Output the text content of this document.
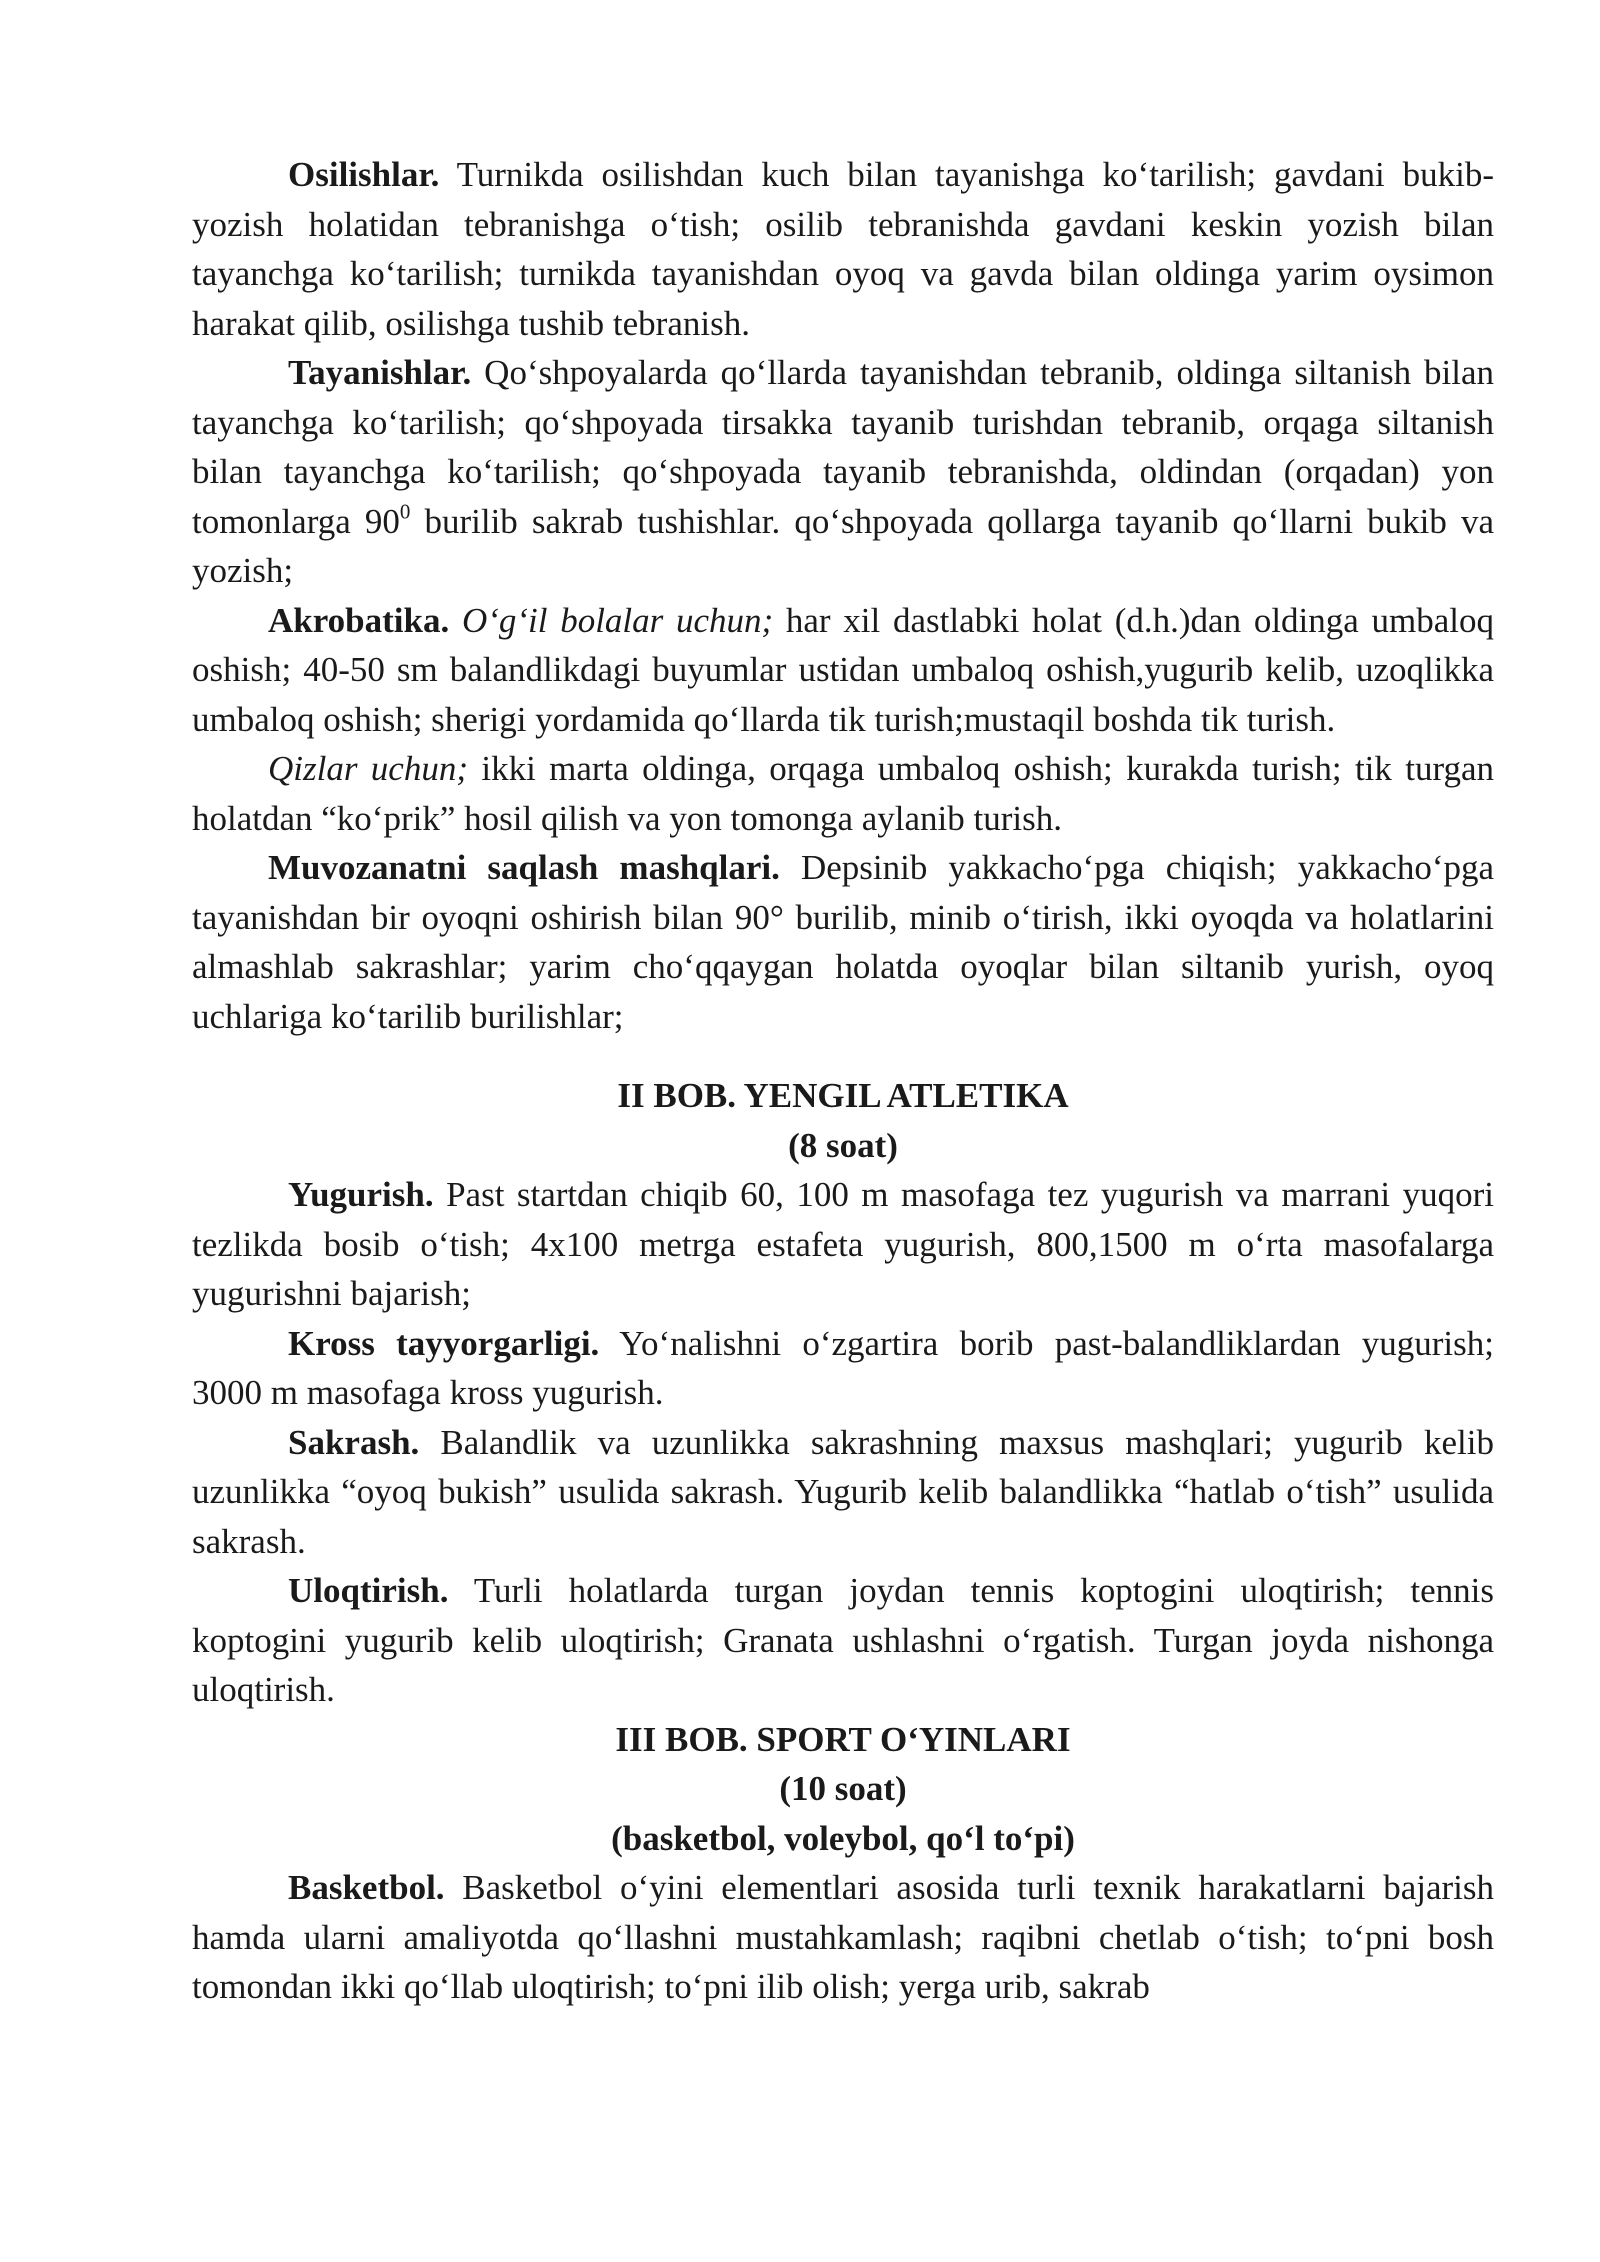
Osilishlar. Turnikda osilishdan kuch bilan tayanishga ko‘tarilish; gavdani bukib-yozish holatidan tebranishga o‘tish; osilib tebranishda gavdani keskin yozish bilan tayanchga ko‘tarilish; turnikda tayanishdan oyoq va gavda bilan oldinga yarim oysimon harakat qilib, osilishga tushib tebranish.

Tayanishlar. Qo‘shpoyalarda qo‘llarda tayanishdan tebranib, oldinga siltanish bilan tayanchga ko‘tarilish; qo‘shpoyada tirsakka tayanib turishdan tebranib, orqaga siltanish bilan tayanchga ko‘tarilish; qo‘shpoyada tayanib tebranishda, oldindan (orqadan) yon tomonlarga $90^0$ burilib sakrab tushishlar. qo‘shpoyada qollarga tayanib qo‘llarni bukib va yozish;

Akrobatika. O‘g‘il bolalar uchun; har xil dastlabki holat (d.h.)dan oldinga umbaloq oshish; 40-50 sm balandlikdagi buyumlar ustidan umbaloq oshish,yugurib kelib, uzoqlikka umbaloq oshish; sherigi yordamida qo‘llarda tik turish;mustaqil boshda tik turish.

Qizlar uchun; ikki marta oldinga, orqaga umbaloq oshish; kurakda turish; tik turgan holatdan “ko‘prik” hosil qilish va yon tomonga aylanib turish.

Muvozanatni saqlash mashqlari. Depsinib yakkacho‘pga chiqish; yakkacho‘pga tayanishdan bir oyoqni oshirish bilan 90° burilib, minib o‘tirish, ikki oyoqda va holatlarini almashlab sakrashlar; yarim cho‘qqaygan holatda oyoqlar bilan siltanib yurish, oyoq uchlariga ko‘tarilib burilishlar;

II BOB. YENGIL ATLETIKA

(8 soat)

Yugurish. Past startdan chiqib 60, 100 m masofaga tez yugurish va marrani yuqori tezlikda bosib o‘tish; 4x100 metrga estafeta yugurish, 800,1500 m o‘rta masofalarga yugurishni bajarish;

Kross tayyorgarligi. Yo‘nalishni o‘zgartira borib past-balandliklardan yugurish; 3000 m masofaga kross yugurish.

Sakrash. Balandlik va uzunlikka sakrashning maxsus mashqlari; yugurib kelib uzunlikka “oyoq bukish” usulida sakrash. Yugurib kelib balandlikka “hatlab o‘tish” usulida sakrash.

Uloqtirish. Turli holatlarda turgan joydan tennis koptogini uloqtirish; tennis koptogini yugurib kelib uloqtirish; Granata ushlashni o‘rgatish. Turgan joyda nishonga uloqtirish.

III BOB. SPORT O‘YINLARI

(10 soat)

(basketbol, voleybol, qo‘l to‘pi)

Basketbol. Basketbol o‘yini elementlari asosida turli texnik harakatlarni bajarish hamda ularni amaliyotda qo‘llashni mustahkamlash; raqibni chetlab o‘tish; to‘pni bosh tomondan ikki qo‘llab uloqtirish; to‘pni ilib olish; yerga urib, sakrab
